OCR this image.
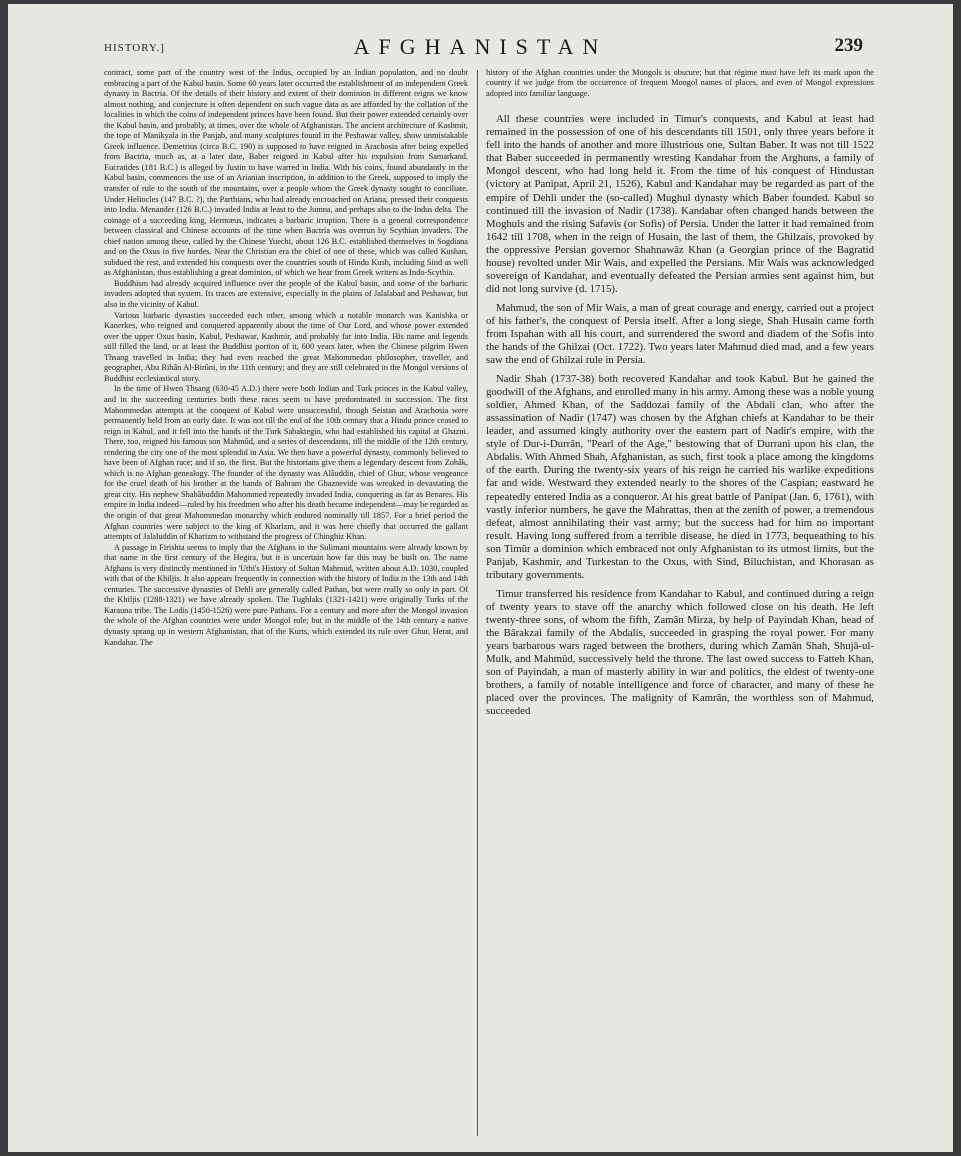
HISTORY.]	AFGHANISTAN	239

contract, some part of the country west of the Indus, occupied by an Indian population, and no doubt embracing a part of the Kabul basin. Some 60 years later occurred the establishment of an independent Greek dynasty in Bactria. Of the details of their history and extent of their dominion in different reigns we know almost nothing, and conjecture is often dependent on such vague data as are afforded by the collation of the localities in which the coins of independent princes have been found. But their power extended certainly over the Kabul basin, and probably, at times, over the whole of Afghanistan. The ancient architecture of Kashmir, the tope of Manikyala in the Panjab, and many sculptures found in the Peshawar valley, show unmistakable Greek influence. Demetrius (circa B.C. 190) is supposed to have reigned in Arachosia after being expelled from Bactria, much as, at a later date, Baber reigned in Kabul after his expulsion from Samarkand. Eucratides (181 B.C.) is alleged by Justin to have warred in India. With his coins, found abundantly in the Kabul basin, commences the use of an Arianian inscription, in addition to the Greek, supposed to imply the transfer of rule to the south of the mountains, over a people whom the Greek dynasty sought to conciliate. Under Heliocles (147 B.C. ?), the Parthians, who had already encroached on Ariana, pressed their conquests into India. Menander (126 B.C.) invaded India at least to the Jumna, and perhaps also to the Indus delta. The coinage of a succeeding king, Hermæus, indicates a barbaric irruption. There is a general correspondence between classical and Chinese accounts of the time when Bactria was overrun by Scythian invaders. The chief nation among these, called by the Chinese Yuechi, about 126 B.C. established themselves in Sogdiana and on the Oxus in five hordes. Near the Christian era the chief of one of these, which was called Kushan, subdued the rest, and extended his conquests over the countries south of Hindu Kush, including Sind as well as Afghanistan, thus establishing a great dominion, of which we hear from Greek writers as Indo-Scythia.

Buddhism had already acquired influence over the people of the Kabul basin, and some of the barbaric invaders adopted that system. Its traces are extensive, especially in the plains of Jalalabad and Peshawar, but also in the vicinity of Kabul.

Various barbaric dynasties succeeded each other, among which a notable monarch was Kanishka or Kanerkes, who reigned and conquered apparently about the time of Our Lord, and whose power extended over the upper Oxus basin, Kabul, Peshawar, Kashmir, and probably far into India. His name and legends still filled the land, or at least the Buddhist portion of it, 600 years later, when the Chinese pilgrim Hwen Thsang travelled in India; they had even reached the great Mahommedan philosopher, traveller, and geographer, Abu Rihân Al-Birûni, in the 11th century; and they are still celebrated in the Mongol versions of Buddhist ecclesiastical story.

In the time of Hwen Thsang (630-45 A.D.) there were both Indian and Turk princes in the Kabul valley, and in the succeeding centuries both these races seem to have predominated in succession. The first Mahommedan attempts at the conquest of Kabul were unsuccessful, though Seistan and Arachosia were permanently held from an early date. It was not till the end of the 10th century that a Hindu prince ceased to reign in Kabul, and it fell into the hands of the Turk Sabaktegin, who had established his capital at Ghazni. There, too, reigned his famous son Mahmûd, and a series of descendants, till the middle of the 12th century, rendering the city one of the most splendid in Asia. We then have a powerful dynasty, commonly believed to have been of Afghan race; and if so, the first. But the historians give them a legendary descent from Zohâk, which is no Afghan genealogy. The founder of the dynasty was Alâuddin, chief of Ghur, whose vengeance for the cruel death of his brother at the hands of Bahram the Ghaznevide was wreaked in devastating the great city. His nephew Shahâbuddin Mahommed repeatedly invaded India, conquering as far as Benares. His empire in India indeed—ruled by his freedmen who after his death became independent—may be regarded as the origin of that great Mahommedan monarchy which endured nominally till 1857. For a brief period the Afghan countries were subject to the king of Kharizm, and it was here chiefly that occurred the gallant attempts of Jalaluddin of Kharizm to withstand the progress of Chinghiz Khan.

A passage in Firishta seems to imply that the Afghans in the Sulimani mountains were already known by that name in the first century of the Hegira, but it is uncertain how far this may be built on. The name Afghans is very distinctly mentioned in 'Utbi's History of Sultan Mahmud, written about A.D. 1030, coupled with that of the Khiljis. It also appears frequently in connection with the history of India in the 13th and 14th centuries. The successive dynasties of Dehli are generally called Pathan, but were really so only in part. Of the Khiljis (1288-1321) we have already spoken. The Tughlaks (1321-1421) were originally Turks of the Karauna tribe. The Lodis (1450-1526) were pure Pathans. For a century and more after the Mongol invasion the whole of the Afghan countries were under Mongol rule; but in the middle of the 14th century a native dynasty sprang up in western Afghanistan, that of the Kurts, which extended its rule over Ghur, Herat, and Kandahar. The

history of the Afghan countries under the Mongols is obscure; but that régime must have left its mark upon the country if we judge from the occurrence of frequent Mongol names of places, and even of Mongol expressions adopted into familiar language.

All these countries were included in Timur's conquests, and Kabul at least had remained in the possession of one of his descendants till 1501, only three years before it fell into the hands of another and more illustrious one, Sultan Baber. It was not till 1522 that Baber succeeded in permanently wresting Kandahar from the Arghuns, a family of Mongol descent, who had long held it. From the time of his conquest of Hindustan (victory at Panipat, April 21, 1526), Kabul and Kandahar may be regarded as part of the empire of Dehli under the (so-called) Mughul dynasty which Baber founded. Kabul so continued till the invasion of Nadir (1738). Kandahar often changed hands between the Moghuls and the rising Safavis (or Sofis) of Persia. Under the latter it had remained from 1642 till 1708, when in the reign of Husain, the last of them, the Ghilzais, provoked by the oppressive Persian governor Shahnawâz Khan (a Georgian prince of the Bagratid house) revolted under Mir Wais, and expelled the Persians. Mir Wais was acknowledged sovereign of Kandahar, and eventually defeated the Persian armies sent against him, but did not long survive (d. 1715).

Mahmud, the son of Mir Wais, a man of great courage and energy, carried out a project of his father's, the conquest of Persia itself. After a long siege, Shah Husain came forth from Ispahan with all his court, and surrendered the sword and diadem of the Sofis into the hands of the Ghilzai (Oct. 1722). Two years later Mahmud died mad, and a few years saw the end of Ghilzai rule in Persia.

Nadir Shah (1737-38) both recovered Kandahar and took Kabul. But he gained the goodwill of the Afghans, and enrolled many in his army. Among these was a noble young soldier, Ahmed Khan, of the Saddozai family of the Abdali clan, who after the assassination of Nadir (1747) was chosen by the Afghan chiefs at Kandahar to be their leader, and assumed kingly authority over the eastern part of Nadir's empire, with the style of Dur-i-Durrân, "Pearl of the Age," bestowing that of Durrani upon his clan, the Abdalis. With Ahmed Shah, Afghanistan, as such, first took a place among the kingdoms of the earth. During the twenty-six years of his reign he carried his warlike expeditions far and wide. Westward they extended nearly to the shores of the Caspian; eastward he repeatedly entered India as a conqueror. At his great battle of Panipat (Jan. 6, 1761), with vastly inferior numbers, he gave the Mahrattas, then at the zenith of power, a tremendous defeat, almost annihilating their vast army; but the success had for him no important result. Having long suffered from a terrible disease, he died in 1773, bequeathing to his son Timûr a dominion which embraced not only Afghanistan to its utmost limits, but the Panjab, Kashmir, and Turkestan to the Oxus, with Sind, Biluchistan, and Khorasan as tributary governments.

Timur transferred his residence from Kandahar to Kabul, and continued during a reign of twenty years to stave off the anarchy which followed close on his death. He left twenty-three sons, of whom the fifth, Zamân Mirza, by help of Payindah Khan, head of the Bârakzai family of the Abdalis, succeeded in grasping the royal power. For many years barbarous wars raged between the brothers, during which Zamân Shah, Shujâ-ul-Mulk, and Mahmûd, successively held the throne. The last owed success to Fatteh Khan, son of Payindah, a man of masterly ability in war and politics, the eldest of twenty-one brothers, a family of notable intelligence and force of character, and many of these he placed over the provinces. The malignity of Kamrân, the worthless son of Mahmud, succeeded
